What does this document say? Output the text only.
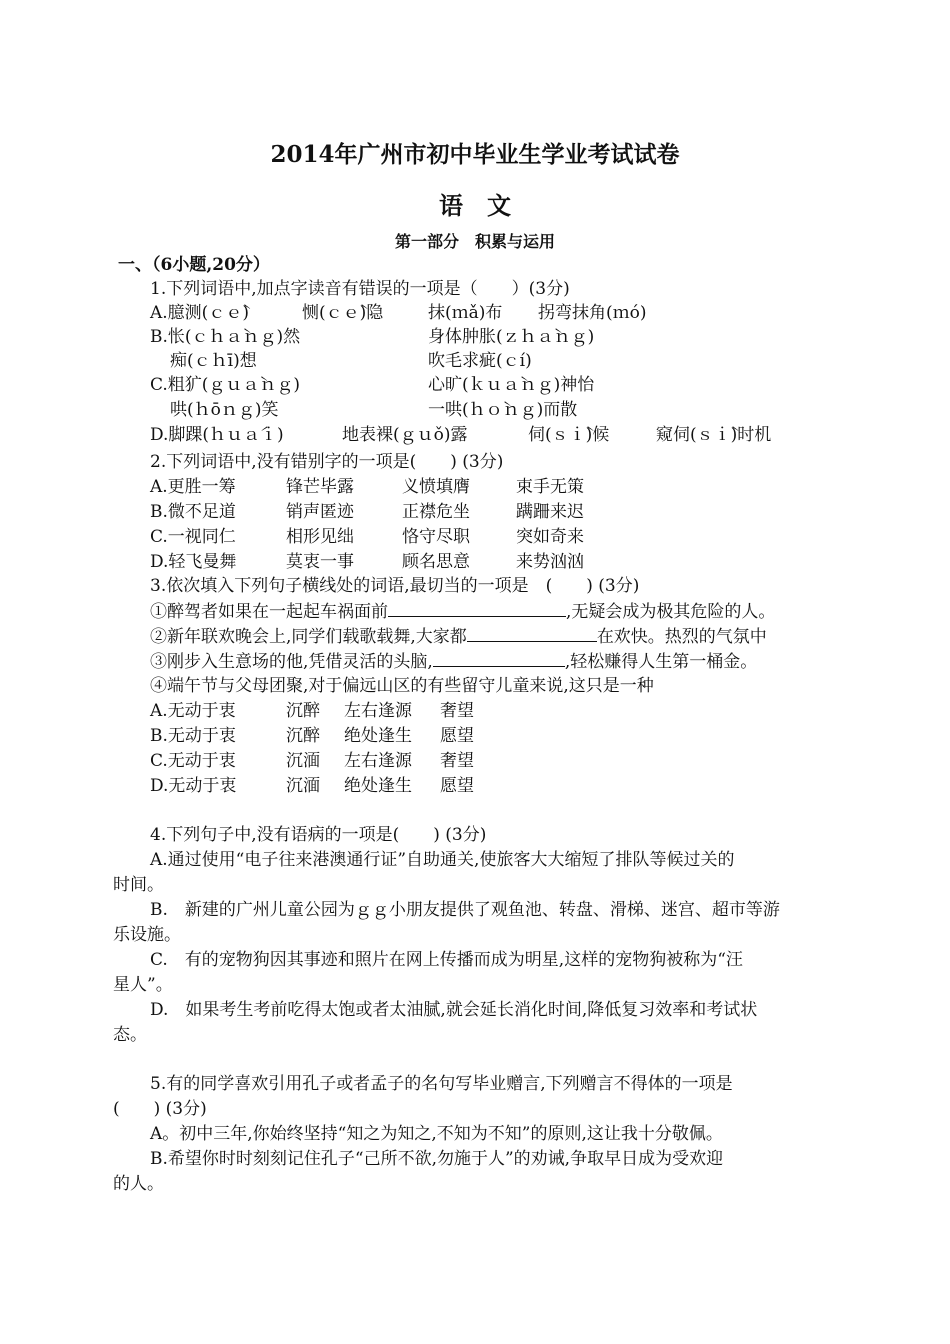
2014年广州市初中毕业生学业考试试卷
语文
第一部分　积累与运用
一、（6小题,20分）
1.下列词语中,加点字读音有错误的一项是（　　）(3分)
A.臆测(ｃｅ̀)	恻(ｃｅ̀)隐	抹(ｍǎ)布 拐弯抹角(ｍó)
B.怅(ｃｈａ̀ｎｇ)然	身体肿胀(ｚｈａ̀ｎｇ)
痴(ｃｈī)想	吹毛求疵(ｃí)
C.粗犷(ｇｕａ̀ｎｇ)	心旷(ｋｕａ̀ｎｇ)神怡
哄(ｈōｎｇ)笑	一哄(ｈｏ̀ｎｇ)而散
D.脚踝(ｈｕａ́ｉ)	地表裸(ｇｕǒ)露	伺(ｓｉ̀)候	窥伺(ｓｉ̀)时机
2.下列词语中,没有错别字的一项是(　　) (3分)
A.更胜一筹	锋芒毕露	义愤填膺	束手无策
B.微不足道	销声匿迹	正襟危坐	蹒跚来迟
C.一视同仁	相形见绌	恪守尽职	突如奇来
D.轻飞曼舞	莫衷一事	顾名思意	来势汹汹
3.依次填入下列句子横线处的词语,最切当的一项是　(　　) (3分)
①醉驾者如果在一起起车祸面前	,无疑会成为极其危险的人。
②新年联欢晚会上,同学们载歌载舞,大家都	在欢快。热烈的气氛中
③刚步入生意场的他,凭借灵活的头脑,	,轻松赚得人生第一桶金。
④端午节与父母团聚,对于偏远山区的有些留守儿童来说,这只是一种
A.无动于衷	沉醉 左右逢源 奢望
B.无动于衷	沉醉 绝处逢生 愿望
C.无动于衷	沉湎 左右逢源 奢望
D.无动于衷	沉湎 绝处逢生 愿望
4.下列句子中,没有语病的一项是(　　) (3分)
A.通过使用“电子往来港澳通行证”自助通关,使旅客大大缩短了排队等候过关的
时间。
B.　新建的广州儿童公园为ｇｇ小朋友提供了观鱼池、转盘、滑梯、迷宫、超市等游
乐设施。
C.　有的宠物狗因其事迹和照片在网上传播而成为明星,这样的宠物狗被称为“汪
星人”。
D.　如果考生考前吃得太饱或者太油腻,就会延长消化时间,降低复习效率和考试状
态。
5.有的同学喜欢引用孔子或者孟子的名句写毕业赠言,下列赠言不得体的一项是
(　　) (3分)
A。初中三年,你始终坚持“知之为知之,不知为不知”的原则,这让我十分敬佩。
B.希望你时时刻刻记住孔子“己所不欲,勿施于人”的劝诫,争取早日成为受欢迎
的人。
